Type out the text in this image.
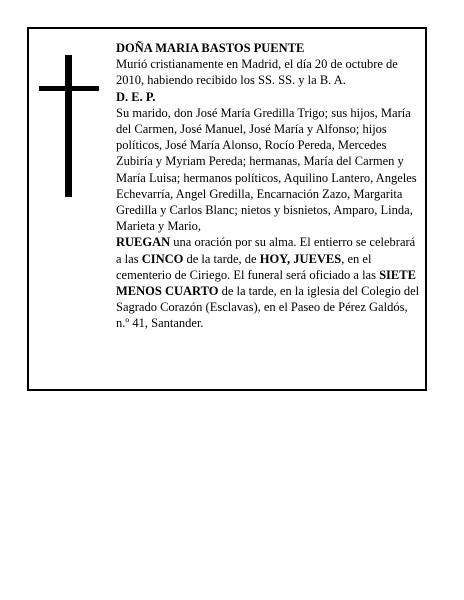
DOÑA MARIA BASTOS PUENTE

Murió cristianamente en Madrid, el día 20 de octubre de 2010, habiendo recibido los SS. SS. y la B. A.

D. E. P.

Su marido, don José María Gredilla Trigo; sus hijos, María del Carmen, José Manuel, José María y Alfonso; hijos políticos, José María Alonso, Rocío Pereda, Mercedes Zubiría y Myriam Pereda; hermanas, María del Carmen y María Luisa; hermanos políticos, Aquilino Lantero, Angeles Echevarría, Angel Gredilla, Encarnación Zazo, Margarita Gredilla y Carlos Blanc; nietos y bisnietos, Amparo, Linda, Marieta y Mario,
RUEGAN una oración por su alma. El entierro se celebrará a las CINCO de la tarde, de HOY, JUEVES, en el cementerio de Ciriego. El funeral será oficiado a las SIETE MENOS CUARTO de la tarde, en la iglesia del Colegio del Sagrado Corazón (Esclavas), en el Paseo de Pérez Galdós, n.º 41, Santander.
